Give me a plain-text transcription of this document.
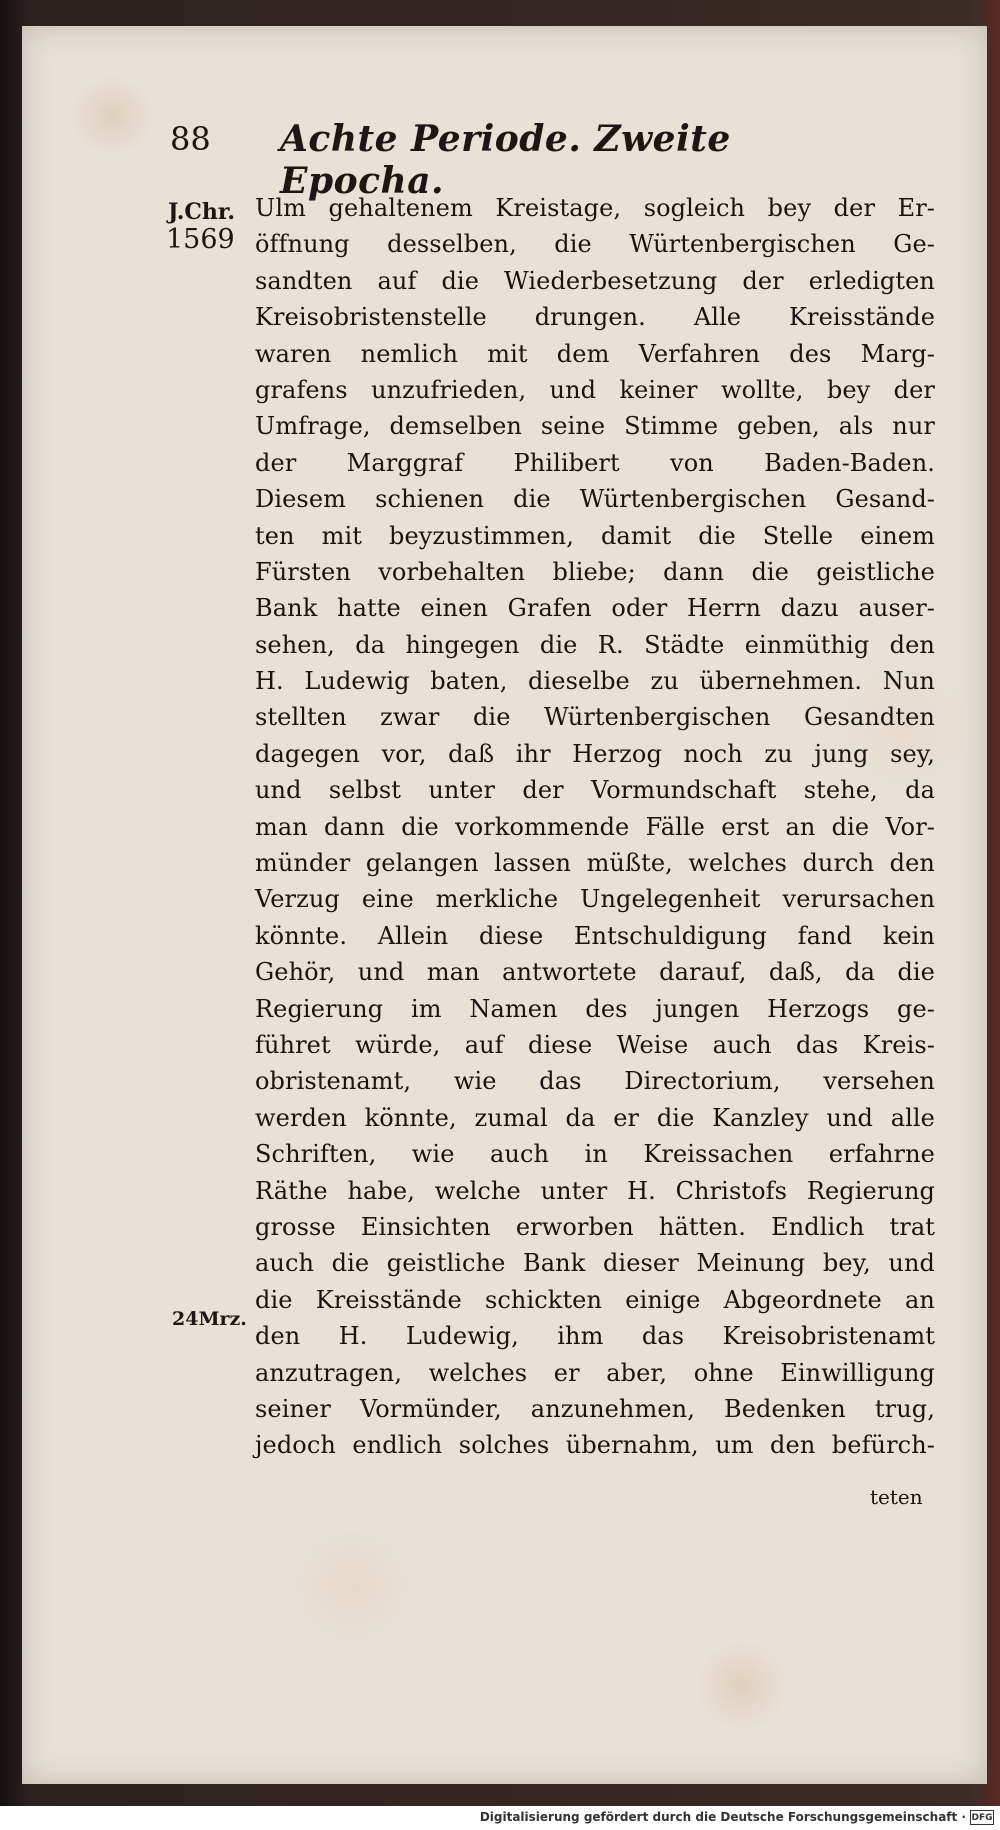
88 Achte Periode. Zweite Epocha.
J.Chr.
1569
24Mrz.
Ulm gehaltenem Kreistage, sogleich bey der Er-
öffnung desselben, die Würtenbergischen Ge-
sandten auf die Wiederbesetzung der erledigten
Kreisobristenstelle drungen. Alle Kreisstände
waren nemlich mit dem Verfahren des Marg-
grafens unzufrieden, und keiner wollte, bey der
Umfrage, demselben seine Stimme geben, als nur
der Marggraf Philibert von Baden-Baden.
Diesem schienen die Würtenbergischen Gesand-
ten mit beyzustimmen, damit die Stelle einem
Fürsten vorbehalten bliebe; dann die geistliche
Bank hatte einen Grafen oder Herrn dazu auser-
sehen, da hingegen die R. Städte einmüthig den
H. Ludewig baten, dieselbe zu übernehmen. Nun
stellten zwar die Würtenbergischen Gesandten
dagegen vor, daß ihr Herzog noch zu jung sey,
und selbst unter der Vormundschaft stehe, da
man dann die vorkommende Fälle erst an die Vor-
münder gelangen lassen müßte, welches durch den
Verzug eine merkliche Ungelegenheit verursachen
könnte. Allein diese Entschuldigung fand kein
Gehör, und man antwortete darauf, daß, da die
Regierung im Namen des jungen Herzogs ge-
führet würde, auf diese Weise auch das Kreis-
obristenamt, wie das Directorium, versehen
werden könnte, zumal da er die Kanzley und alle
Schriften, wie auch in Kreissachen erfahrne
Räthe habe, welche unter H. Christofs Regierung
grosse Einsichten erworben hätten. Endlich trat
auch die geistliche Bank dieser Meinung bey, und
die Kreisstände schickten einige Abgeordnete an
den H. Ludewig, ihm das Kreisobristenamt
anzutragen, welches er aber, ohne Einwilligung
seiner Vormünder, anzunehmen, Bedenken trug,
jedoch endlich solches übernahm, um den befürch-
teten
Digitalisierung gefördert durch die Deutsche Forschungsgemeinschaft · DFG
